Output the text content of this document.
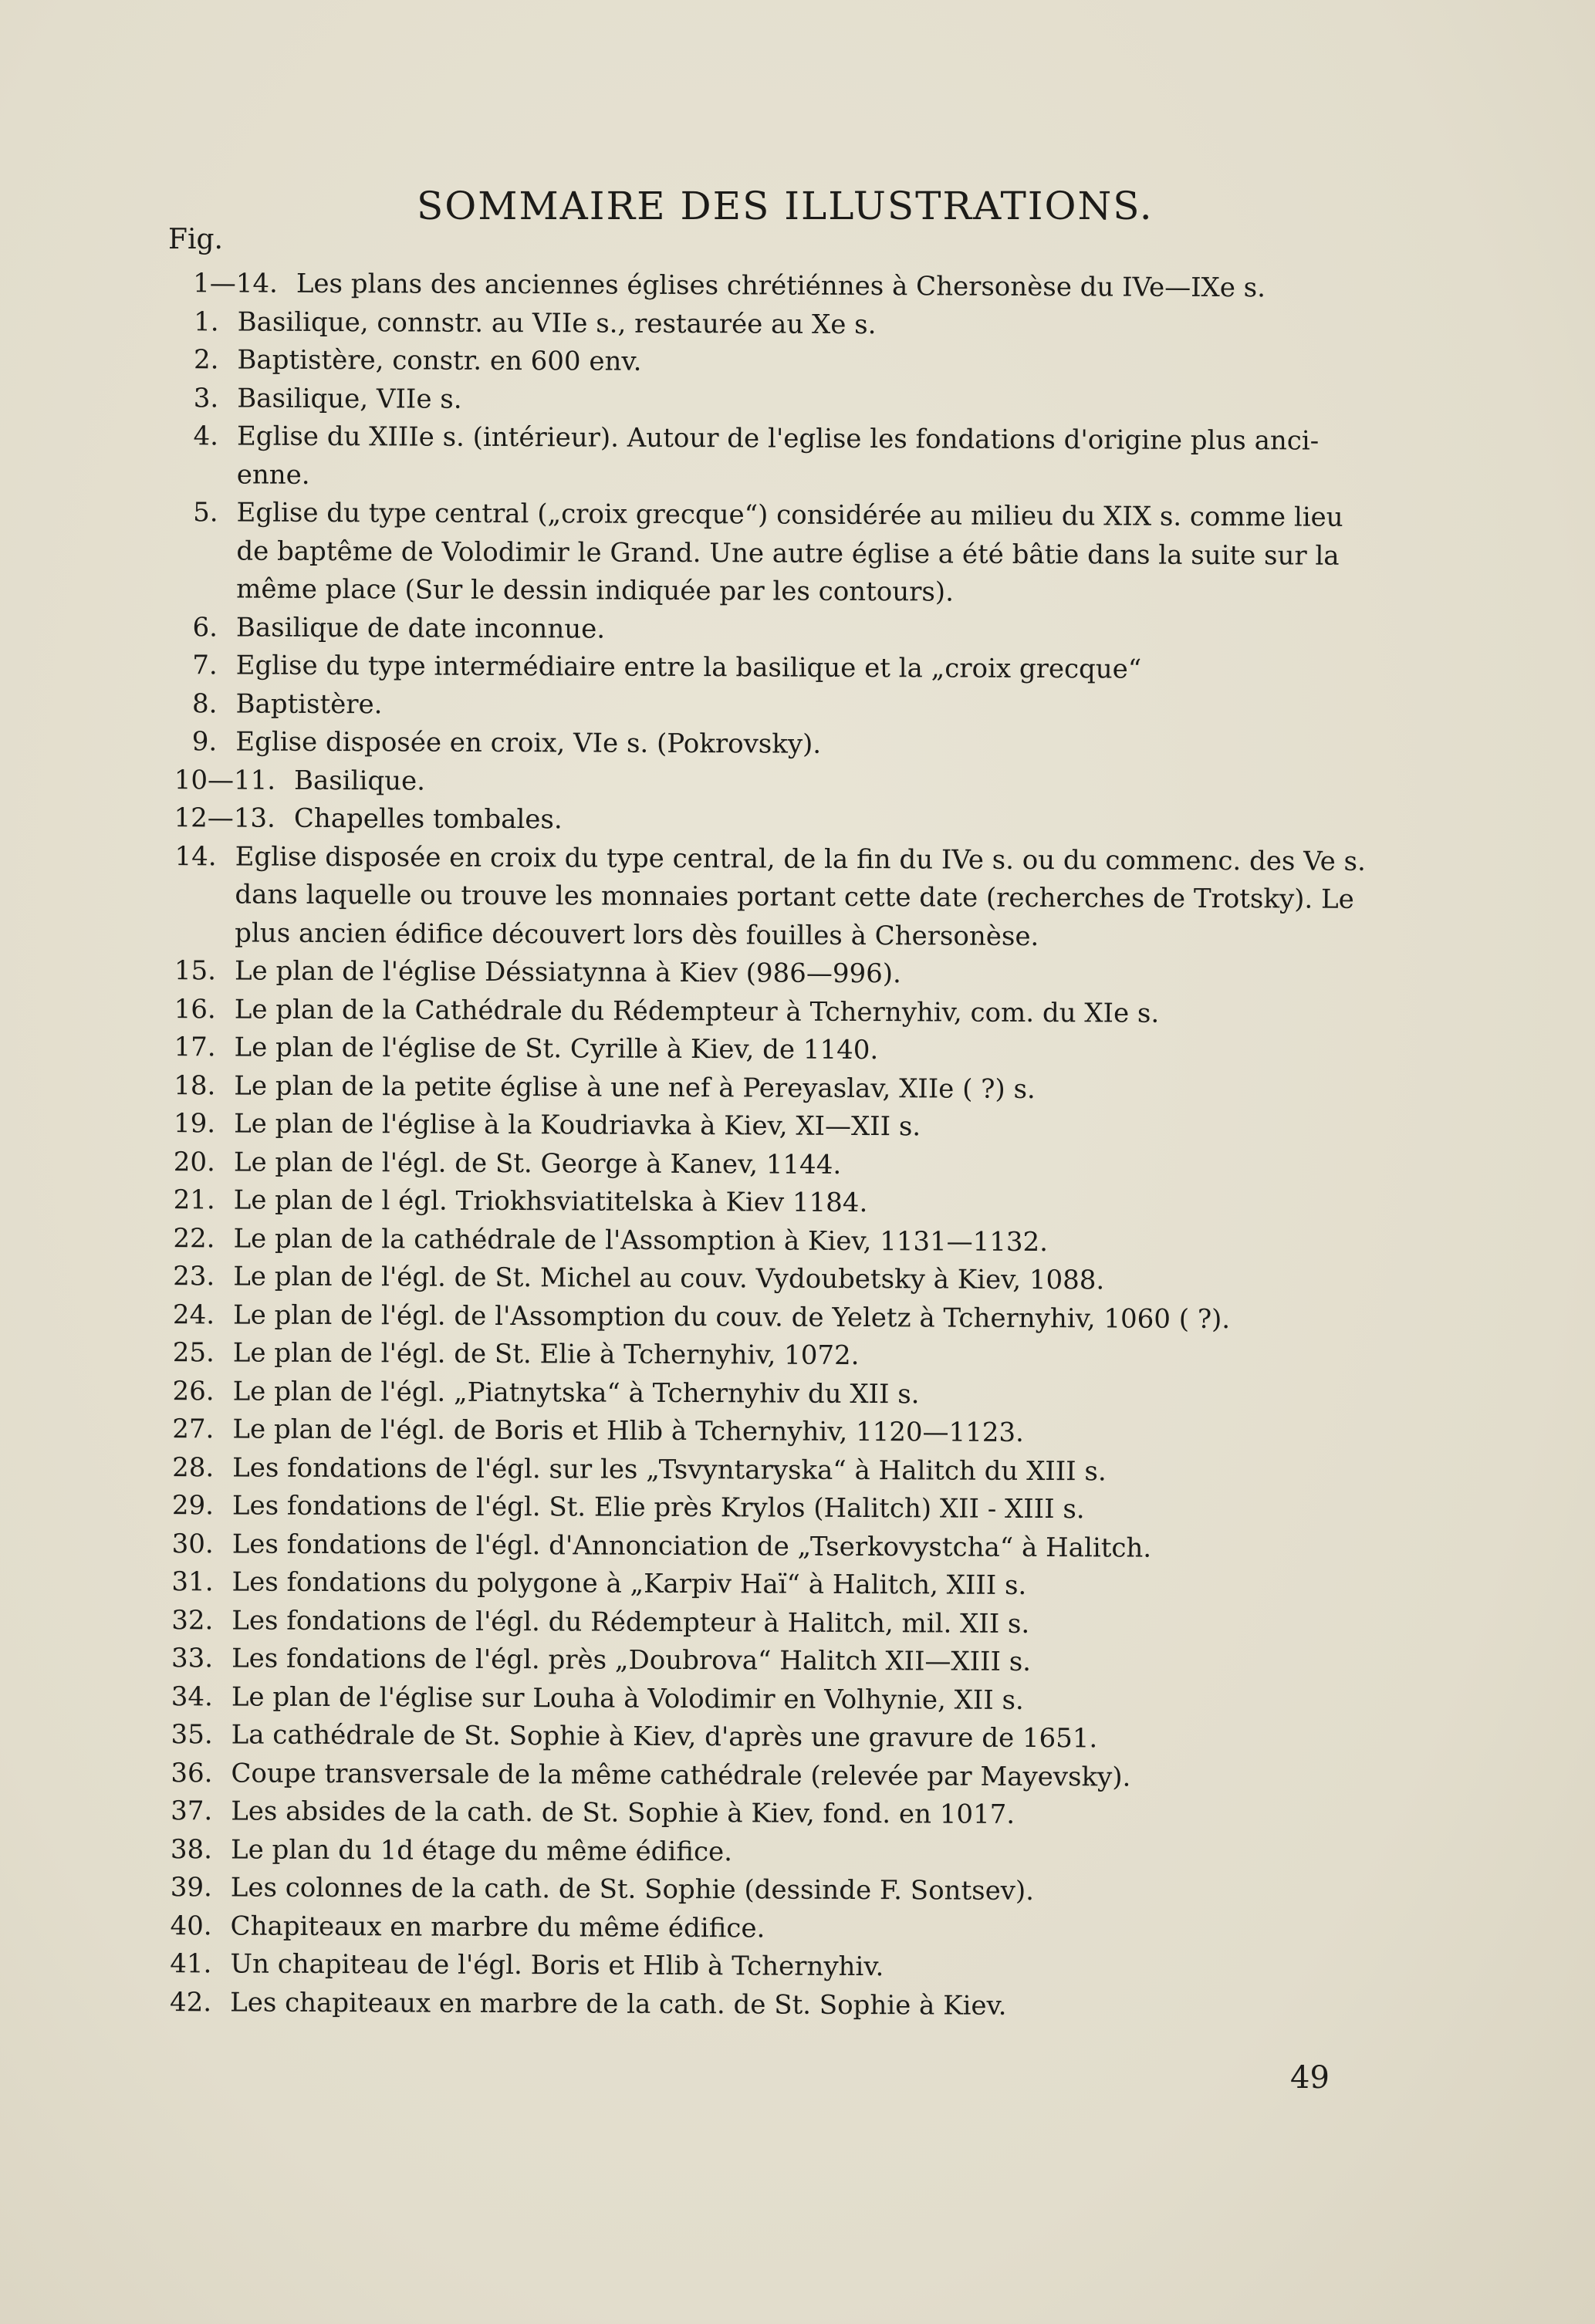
SOMMAIRE DES ILLUSTRATIONS.
Fig.
1—14. Les plans des anciennes églises chrétiénnes à Chersonèse du IVe—IXe s.
1. Basilique, connstr. au VIIe s., restaurée au Xe s.
2. Baptistère, constr. en 600 env.
3. Basilique, VIIe s.
4. Eglise du XIIIe s. (intérieur). Autour de l'eglise les fondations d'origine plus anci-
enne.
5. Eglise du type central („croix grecque“) considérée au milieu du XIX s. comme lieu
de baptême de Volodimir le Grand. Une autre église a été bâtie dans la suite sur la
même place (Sur le dessin indiquée par les contours).
6. Basilique de date inconnue.
7. Eglise du type intermédiaire entre la basilique et la „croix grecque“
8. Baptistère.
9. Eglise disposée en croix, VIe s. (Pokrovsky).
10—11. Basilique.
12—13. Chapelles tombales.
14. Eglise disposée en croix du type central, de la fin du IVe s. ou du commenc. des Ve s.
dans laquelle ou trouve les monnaies portant cette date (recherches de Trotsky). Le
plus ancien édifice découvert lors dès fouilles à Chersonèse.
15. Le plan de l'église Déssiatynna à Kiev (986—996).
16. Le plan de la Cathédrale du Rédempteur à Tchernyhiv, com. du XIe s.
17. Le plan de l'église de St. Cyrille à Kiev, de 1140.
18. Le plan de la petite église à une nef à Pereyaslav, XIIe ( ?) s.
19. Le plan de l'église à la Koudriavka à Kiev, XI—XII s.
20. Le plan de l'égl. de St. George à Kanev, 1144.
21. Le plan de l égl. Triokhsviatitelska à Kiev 1184.
22. Le plan de la cathédrale de l'Assomption à Kiev, 1131—1132.
23. Le plan de l'égl. de St. Michel au couv. Vydoubetsky à Kiev, 1088.
24. Le plan de l'égl. de l'Assomption du couv. de Yeletz à Tchernyhiv, 1060 ( ?).
25. Le plan de l'égl. de St. Elie à Tchernyhiv, 1072.
26. Le plan de l'égl. „Piatnytska“ à Tchernyhiv du XII s.
27. Le plan de l'égl. de Boris et Hlib à Tchernyhiv, 1120—1123.
28. Les fondations de l'égl. sur les „Tsvyntaryska“ à Halitch du XIII s.
29. Les fondations de l'égl. St. Elie près Krylos (Halitch) XII - XIII s.
30. Les fondations de l'égl. d'Annonciation de „Tserkovystcha“ à Halitch.
31. Les fondations du polygone à „Karpiv Haï“ à Halitch, XIII s.
32. Les fondations de l'égl. du Rédempteur à Halitch, mil. XII s.
33. Les fondations de l'égl. près „Doubrova“ Halitch XII—XIII s.
34. Le plan de l'église sur Louha à Volodimir en Volhynie, XII s.
35. La cathédrale de St. Sophie à Kiev, d'après une gravure de 1651.
36. Coupe transversale de la même cathédrale (relevée par Mayevsky).
37. Les absides de la cath. de St. Sophie à Kiev, fond. en 1017.
38. Le plan du 1d étage du même édifice.
39. Les colonnes de la cath. de St. Sophie (dessinde F. Sontsev).
40. Chapiteaux en marbre du même édifice.
41. Un chapiteau de l'égl. Boris et Hlib à Tchernyhiv.
42. Les chapiteaux en marbre de la cath. de St. Sophie à Kiev.
49
